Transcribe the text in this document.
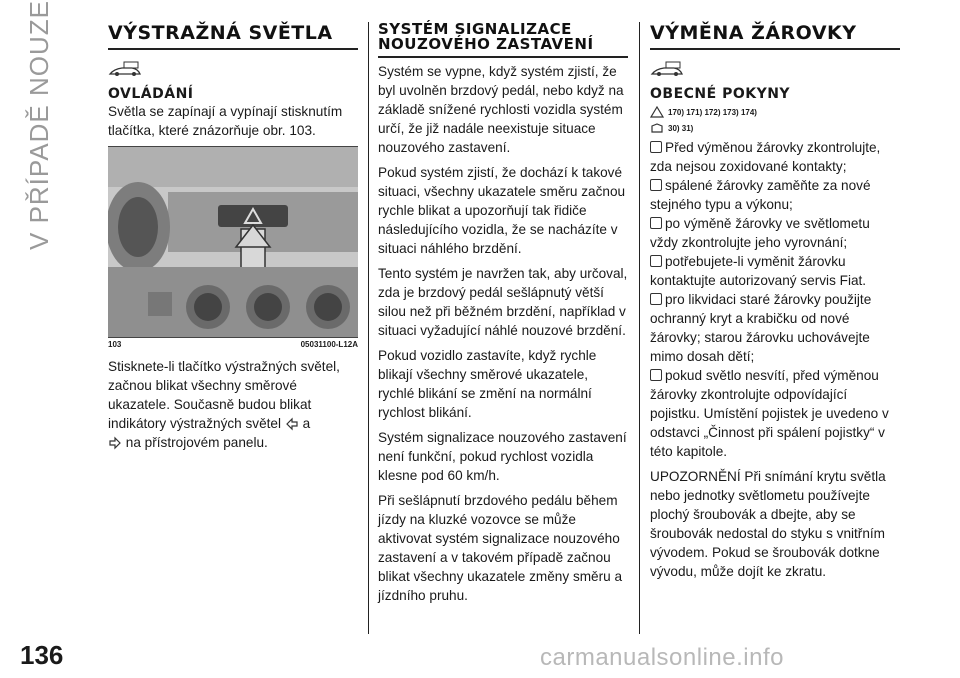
V PŘÍPADĚ NOUZE
136
VÝSTRAŽNÁ SVĚTLA
OVLÁDÁNÍ

Světla se zapínají a vypínají stisknutím tlačítka, které znázorňuje obr. 103.

103	05031100-L12A

Stisknete-li tlačítko výstražných světel, začnou blikat všechny směrové ukazatele. Současně budou blikat indikátory výstražných světel a
na přístrojovém panelu.

SYSTÉM SIGNALIZACE
NOUZOVÉHO ZASTAVENÍ

Systém se vypne, když systém zjistí, že byl uvolněn brzdový pedál, nebo když na základě snížené rychlosti vozidla systém určí, že již nadále neexistuje situace nouzového zastavení.

Pokud systém zjistí, že dochází k takové situaci, všechny ukazatele směru začnou rychle blikat a upozorňují tak řidiče následujícího vozidla, že se nacházíte v situaci náhlého brzdění.

Tento systém je navržen tak, aby určoval, zda je brzdový pedál sešlápnutý větší silou než při běžném brzdění, například v situaci vyžadující náhlé nouzové brzdění.

Pokud vozidlo zastavíte, když rychle blikají všechny směrové ukazatele, rychlé blikání se změní na normální rychlost blikání.

Systém signalizace nouzového zastavení není funkční, pokud rychlost vozidla klesne pod 60 km/h.

Při sešlápnutí brzdového pedálu během jízdy na kluzké vozovce se může aktivovat systém signalizace nouzového zastavení a v takovém případě začnou blikat všechny ukazatele změny směru a jízdního pruhu.

VÝMĚNA ŽÁROVKY
OBECNÉ POKYNY
170) 171) 172) 173) 174)
30) 31)

Před výměnou žárovky zkontrolujte, zda nejsou zoxidované kontakty;

spálené žárovky zaměňte za nové stejného typu a výkonu;

po výměně žárovky ve světlometu vždy zkontrolujte jeho vyrovnání;

potřebujete-li vyměnit žárovku kontaktujte autorizovaný servis Fiat.

pro likvidaci staré žárovky použijte ochranný kryt a krabičku od nové žárovky; starou žárovku uchovávejte mimo dosah dětí;

pokud světlo nesvítí, před výměnou žárovky zkontrolujte odpovídající pojistku. Umístění pojistek je uvedeno v odstavci „Činnost při spálení pojistky“ v této kapitole.

UPOZORNĚNÍ Při snímání krytu světla nebo jednotky světlometu používejte plochý šroubovák a dbejte, aby se šroubovák nedostal do styku s vnitřním vývodem. Pokud se šroubovák dotkne vývodu, může dojít ke zkratu.

carmanualsonline.info
